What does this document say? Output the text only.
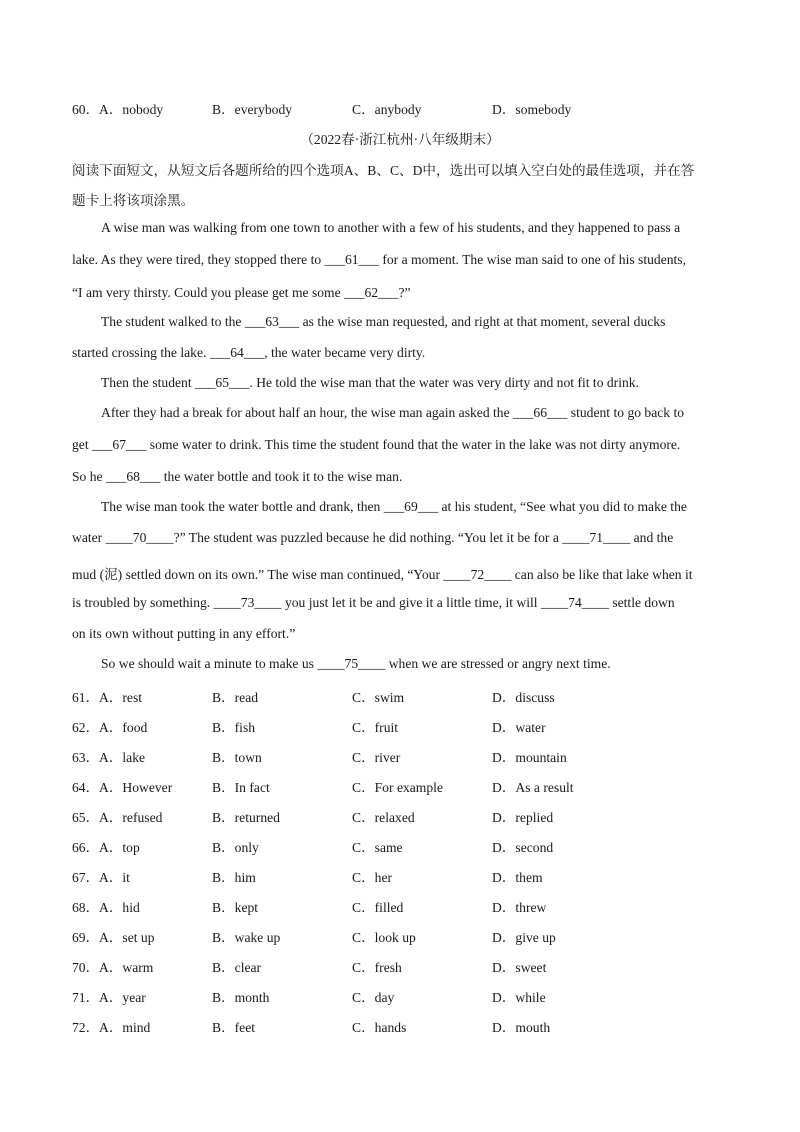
60． A．nobody	B．everybody	C．anybody	D．somebody
（2022春·浙江杭州·八年级期末）
阅读下面短文，从短文后各题所给的四个选项A、B、C、D中，选出可以填入空白处的最佳选项，并在答
题卡上将该项涂黑。
A wise man was walking from one town to another with a few of his students, and they happened to pass a
lake. As they were tired, they stopped there to ___61___ for a moment. The wise man said to one of his students,
“I am very thirsty. Could you please get me some ___62___?”
The student walked to the ___63___ as the wise man requested, and right at that moment, several ducks
started crossing the lake. ___64___, the water became very dirty.
Then the student ___65___. He told the wise man that the water was very dirty and not fit to drink.
After they had a break for about half an hour, the wise man again asked the ___66___ student to go back to
get ___67___ some water to drink. This time the student found that the water in the lake was not dirty anymore.
So he ___68___ the water bottle and took it to the wise man.
The wise man took the water bottle and drank, then ___69___ at his student, “See what you did to make the
water ____70____?” The student was puzzled because he did nothing. “You let it be for a ____71____ and the
mud (泥) settled down on its own.” The wise man continued, “Your ____72____ can also be like that lake when it
is troubled by something. ____73____ you just let it be and give it a little time, it will ____74____ settle down
on its own without putting in any effort.”
So we should wait a minute to make us ____75____ when we are stressed or angry next time.
61． A．rest	B．read	C．swim	D．discuss
62． A．food	B．fish	C．fruit	D．water
63． A．lake	B．town	C．river	D．mountain
64． A．However	B．In fact	C．For example	D．As a result
65． A．refused	B．returned	C．relaxed	D．replied
66． A．top	B．only	C．same	D．second
67． A．it	B．him	C．her	D．them
68． A．hid	B．kept	C．filled	D．threw
69． A．set up	B．wake up	C．look up	D．give up
70． A．warm	B．clear	C．fresh	D．sweet
71． A．year	B．month	C．day	D．while
72． A．mind	B．feet	C．hands	D．mouth
